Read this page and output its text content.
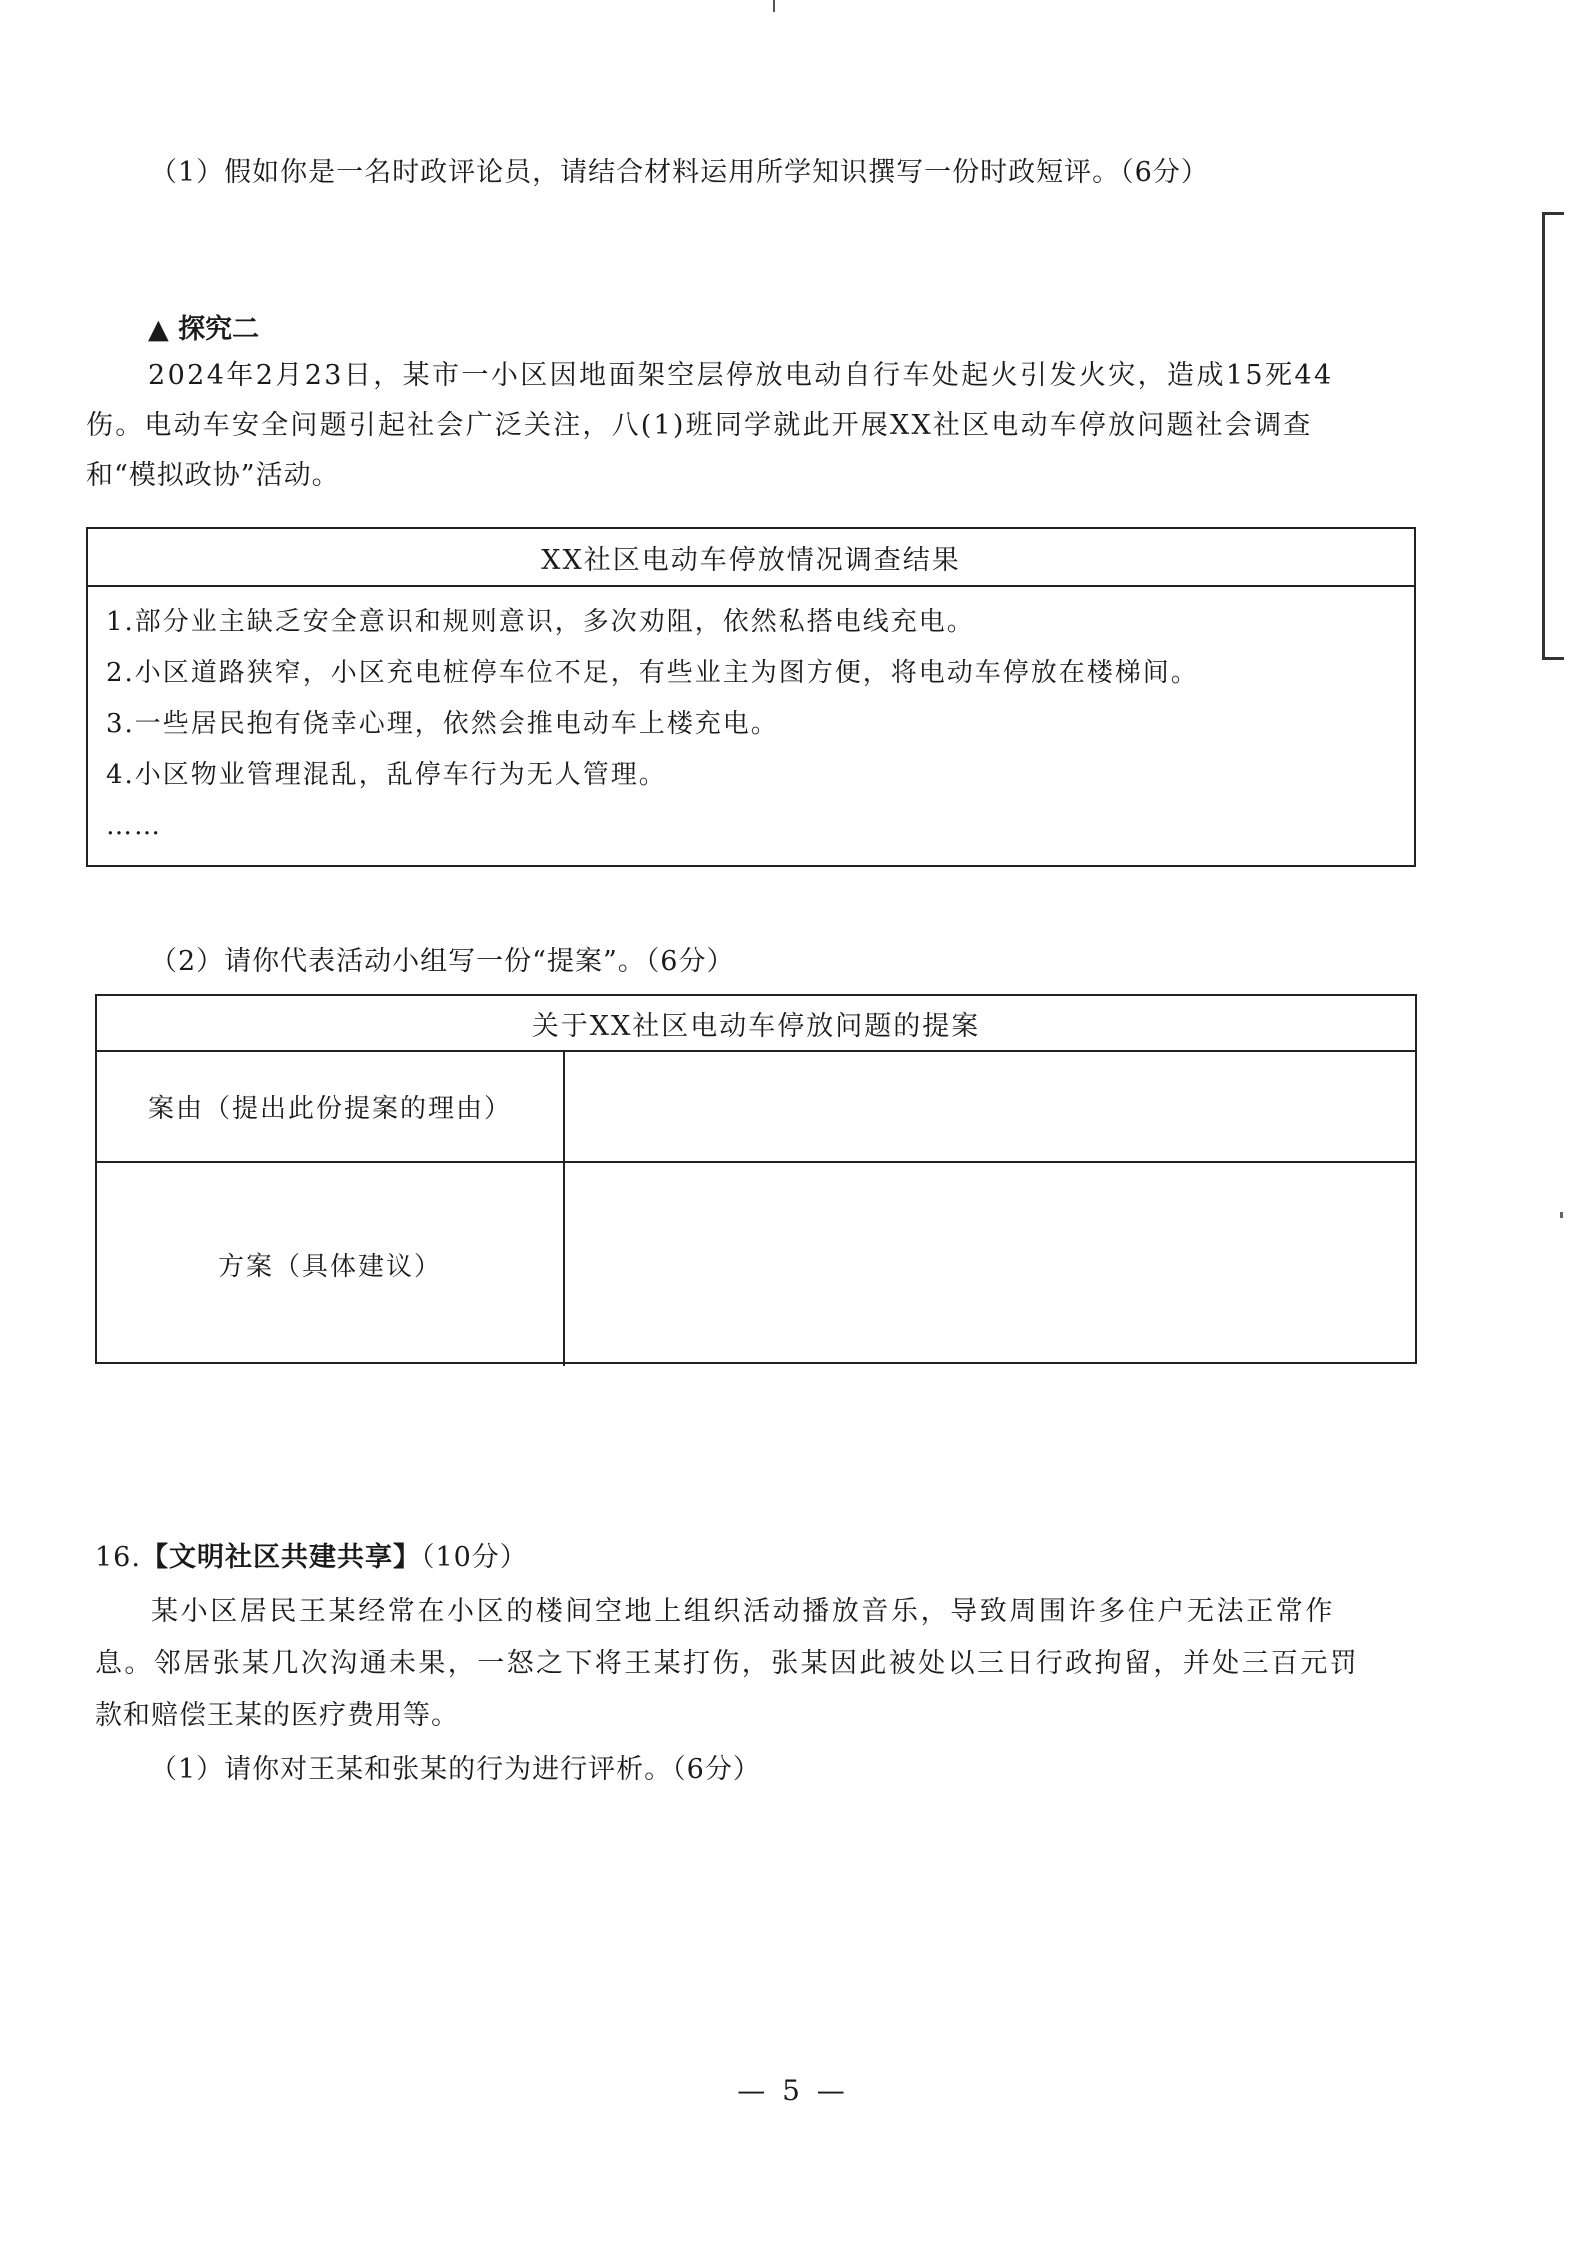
（1）假如你是一名时政评论员，请结合材料运用所学知识撰写一份时政短评。（6分）
▲ 探究二
2024年2月23日，某市一小区因地面架空层停放电动自行车处起火引发火灾，造成15死44
伤。电动车安全问题引起社会广泛关注，八(1)班同学就此开展XX社区电动车停放问题社会调查
和“模拟政协”活动。
XX社区电动车停放情况调查结果
1.部分业主缺乏安全意识和规则意识，多次劝阻，依然私搭电线充电。
2.小区道路狭窄，小区充电桩停车位不足，有些业主为图方便，将电动车停放在楼梯间。
3.一些居民抱有侥幸心理，依然会推电动车上楼充电。
4.小区物业管理混乱，乱停车行为无人管理。
……
（2）请你代表活动小组写一份“提案”。（6分）
关于XX社区电动车停放问题的提案
案由（提出此份提案的理由）
方案（具体建议）
16.【文明社区共建共享】（10分）
某小区居民王某经常在小区的楼间空地上组织活动播放音乐，导致周围许多住户无法正常作
息。邻居张某几次沟通未果，一怒之下将王某打伤，张某因此被处以三日行政拘留，并处三百元罚
款和赔偿王某的医疗费用等。
（1）请你对王某和张某的行为进行评析。（6分）
— 5 —
